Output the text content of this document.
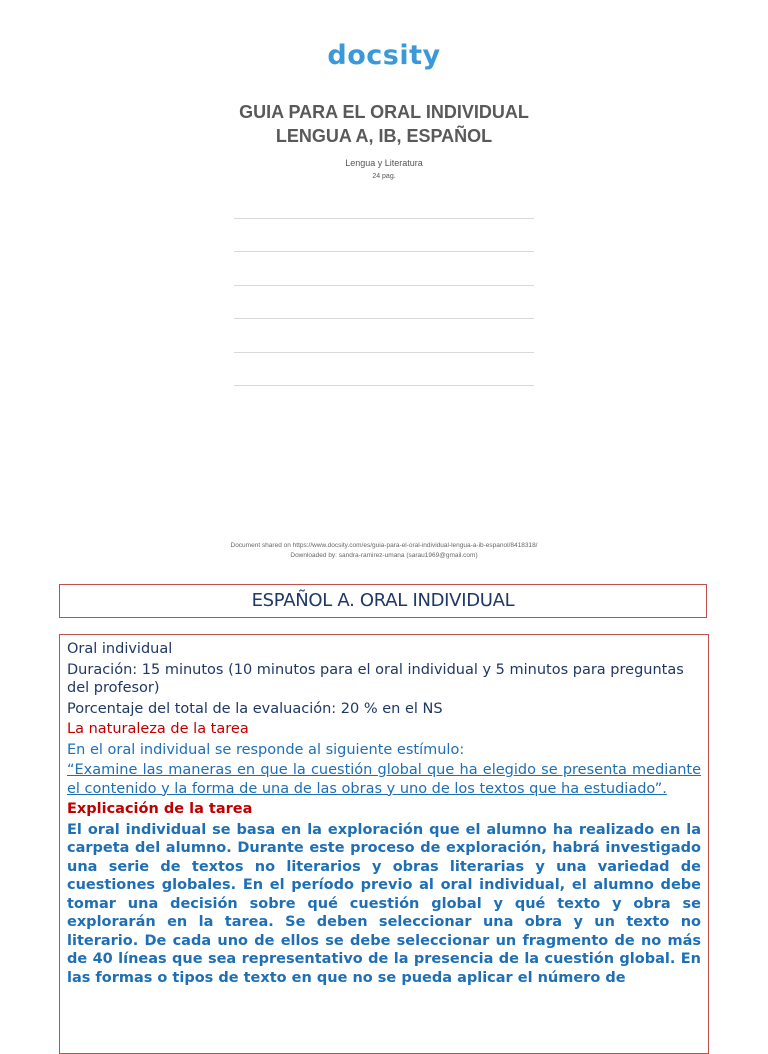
docsity
GUIA PARA EL ORAL INDIVIDUAL
LENGUA A, IB, ESPAÑOL
Lengua y Literatura
24 pag.
Document shared on https://www.docsity.com/es/guia-para-el-oral-individual-lengua-a-ib-espanol/8418318/
Downloaded by: sandra-ramirez-umana (sarau1969@gmail.com)
ESPAÑOL A. ORAL INDIVIDUAL

Oral individual

Duración: 15 minutos (10 minutos para el oral individual y 5 minutos para preguntas del profesor)

Porcentaje del total de la evaluación: 20 % en el NS

La naturaleza de la tarea

En el oral individual se responde al siguiente estímulo:

“Examine las maneras en que la cuestión global que ha elegido se presenta mediante el contenido y la forma de una de las obras y uno de los textos que ha estudiado”.

Explicación de la tarea

El oral individual se basa en la exploración que el alumno ha realizado en la carpeta del alumno. Durante este proceso de exploración, habrá investigado una serie de textos no literarios y obras literarias y una variedad de cuestiones globales. En el período previo al oral individual, el alumno debe tomar una decisión sobre qué cuestión global y qué texto y obra se explorarán en la tarea. Se deben seleccionar una obra y un texto no literario. De cada uno de ellos se debe seleccionar un fragmento de no más de 40 líneas que sea representativo de la presencia de la cuestión global. En las formas o tipos de texto en que no se pueda aplicar el número de
